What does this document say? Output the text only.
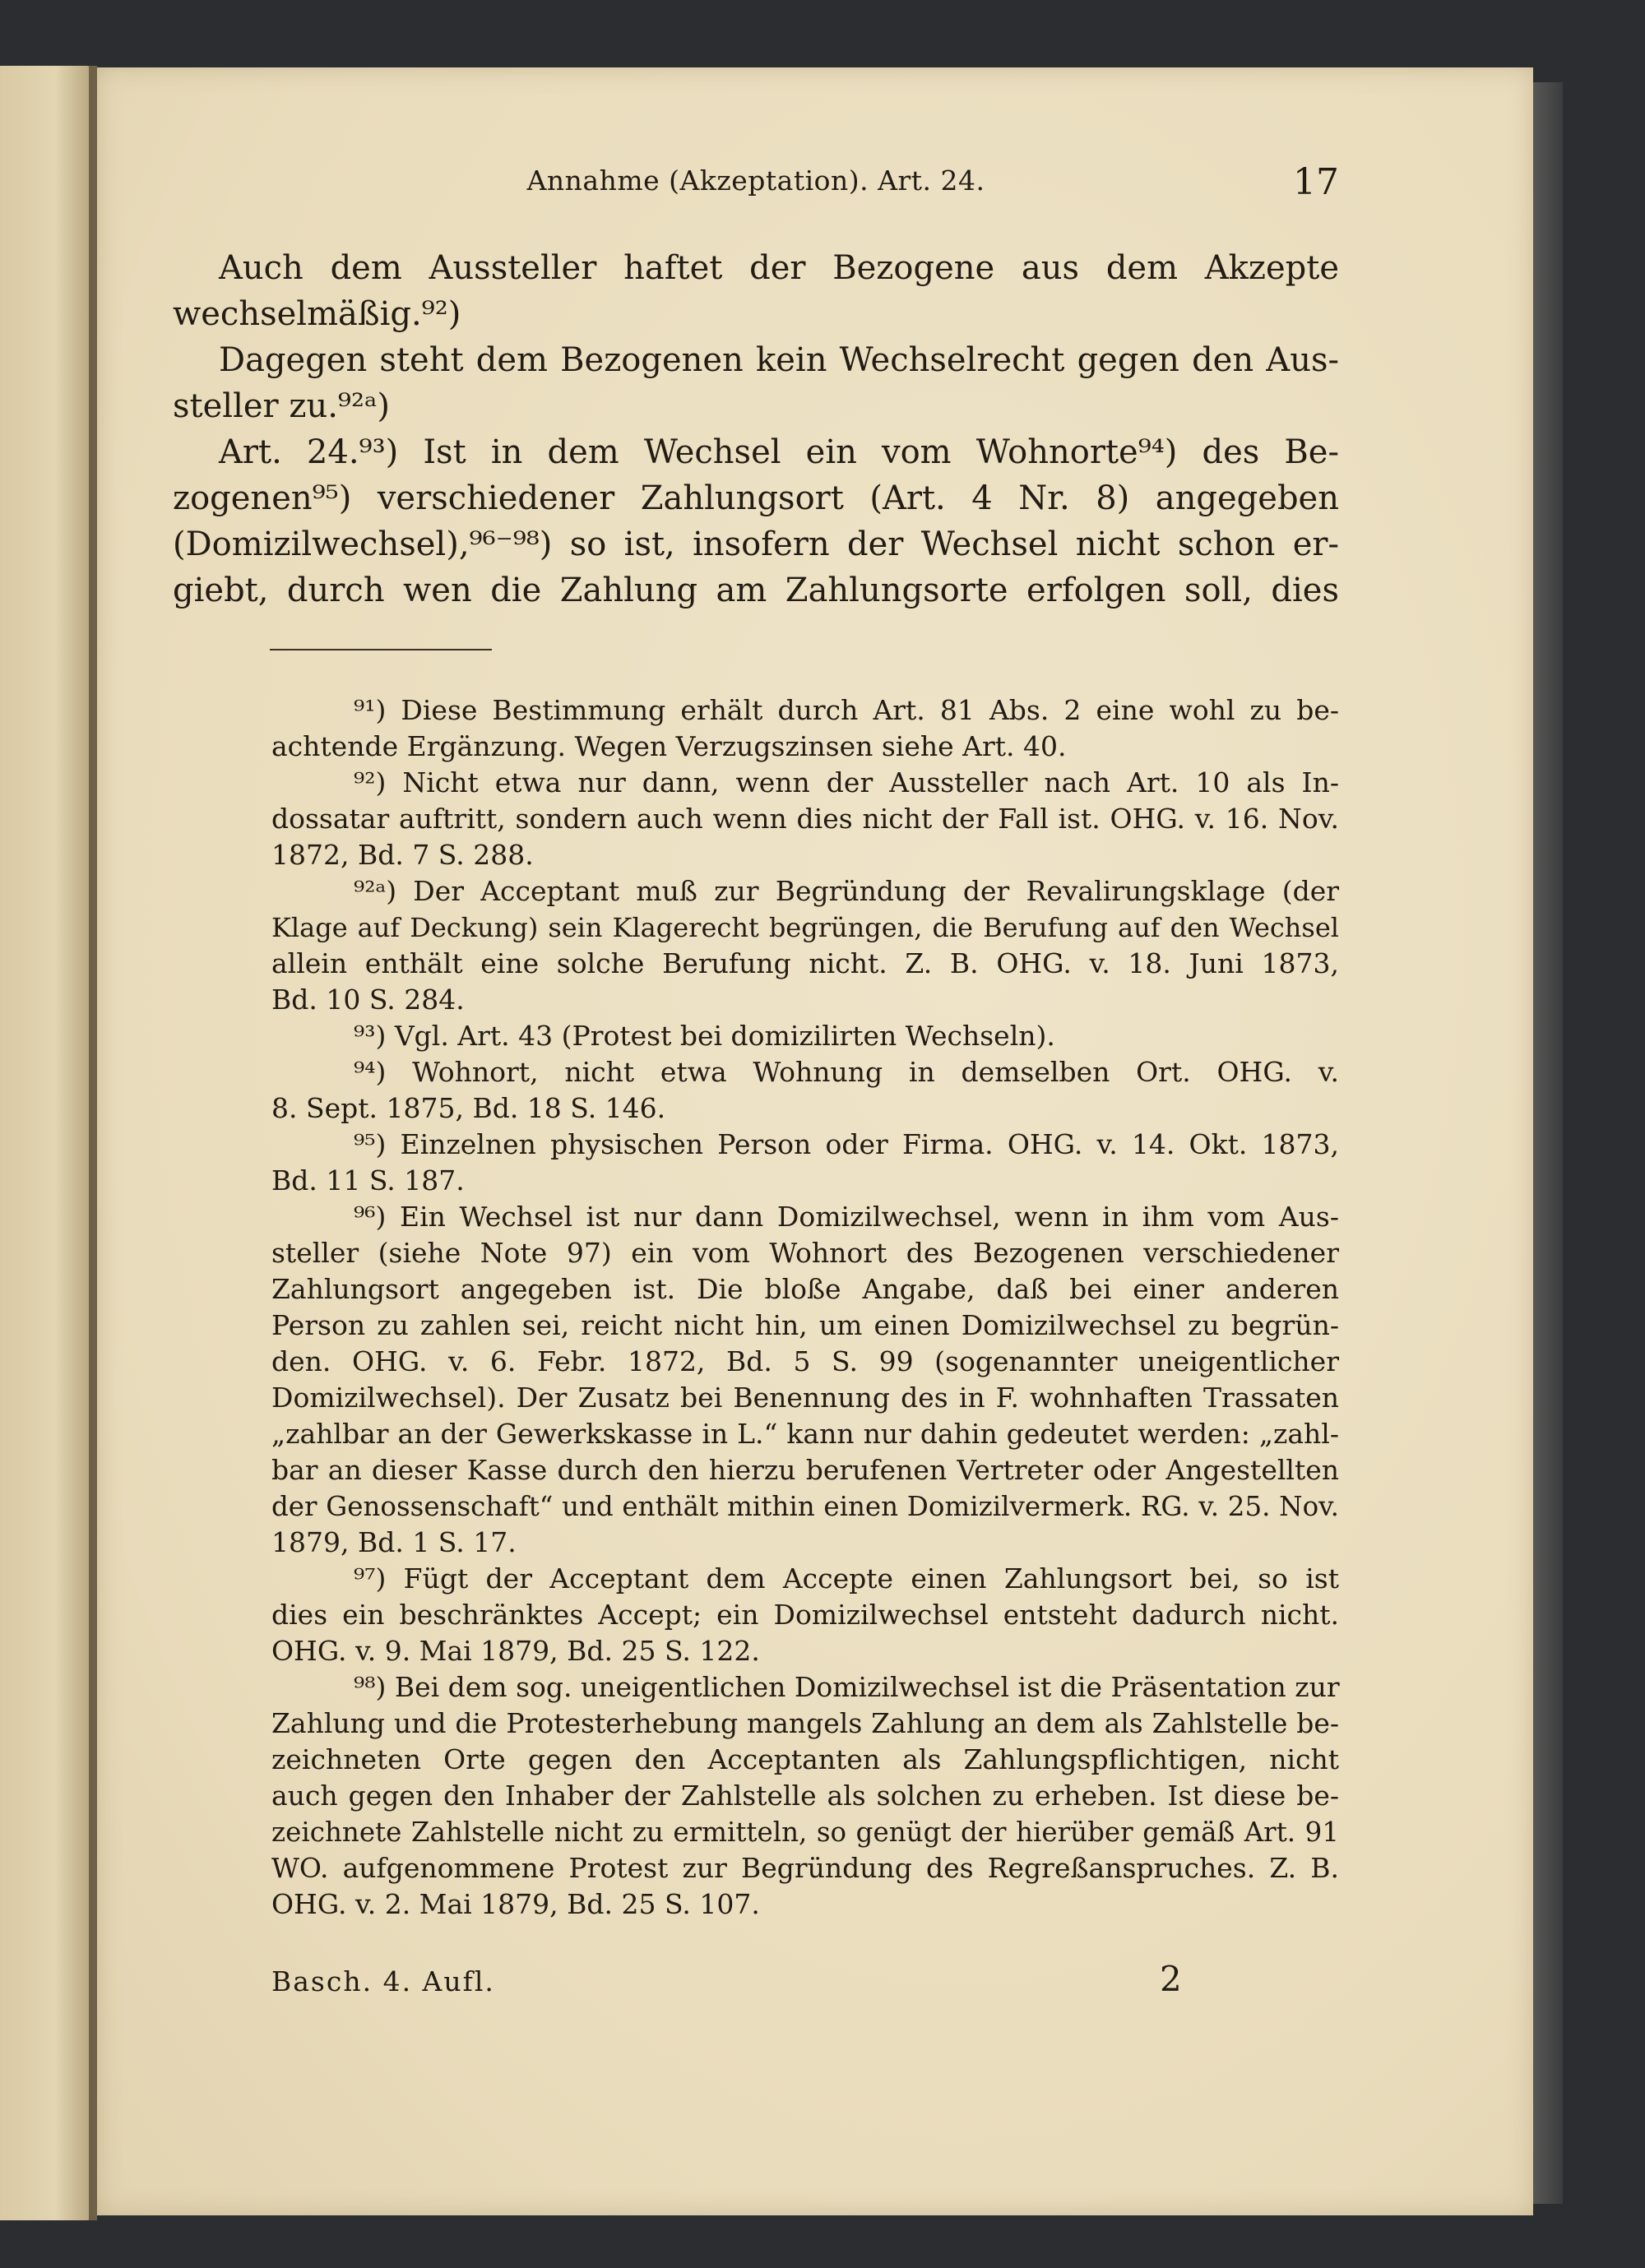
Annahme (Akzeptation). Art. 24.	17
Auch dem Aussteller haftet der Bezogene aus dem Akzepte
wechselmäßig.⁹²)
Dagegen steht dem Bezogenen kein Wechselrecht gegen den Aus-
steller zu.⁹²ᵃ)
Art. 24.⁹³) Ist in dem Wechsel ein vom Wohnorte⁹⁴) des Be-
zogenen⁹⁵) verschiedener Zahlungsort (Art. 4 Nr. 8) angegeben
(Domizilwechsel),⁹⁶⁻⁹⁸) so ist, insofern der Wechsel nicht schon er-
giebt, durch wen die Zahlung am Zahlungsorte erfolgen soll, dies
⁹¹) Diese Bestimmung erhält durch Art. 81 Abs. 2 eine wohl zu be-
achtende Ergänzung. Wegen Verzugszinsen siehe Art. 40.
⁹²) Nicht etwa nur dann, wenn der Aussteller nach Art. 10 als In-
dossatar auftritt, sondern auch wenn dies nicht der Fall ist. OHG. v. 16. Nov.
1872, Bd. 7 S. 288.
⁹²ᵃ) Der Acceptant muß zur Begründung der Revalirungsklage (der
Klage auf Deckung) sein Klagerecht begrüngen, die Berufung auf den Wechsel
allein enthält eine solche Berufung nicht. Z. B. OHG. v. 18. Juni 1873,
Bd. 10 S. 284.
⁹³) Vgl. Art. 43 (Protest bei domizilirten Wechseln).
⁹⁴) Wohnort, nicht etwa Wohnung in demselben Ort. OHG. v.
8. Sept. 1875, Bd. 18 S. 146.
⁹⁵) Einzelnen physischen Person oder Firma. OHG. v. 14. Okt. 1873,
Bd. 11 S. 187.
⁹⁶) Ein Wechsel ist nur dann Domizilwechsel, wenn in ihm vom Aus-
steller (siehe Note 97) ein vom Wohnort des Bezogenen verschiedener
Zahlungsort angegeben ist. Die bloße Angabe, daß bei einer anderen
Person zu zahlen sei, reicht nicht hin, um einen Domizilwechsel zu begrün-
den. OHG. v. 6. Febr. 1872, Bd. 5 S. 99 (sogenannter uneigentlicher
Domizilwechsel). Der Zusatz bei Benennung des in F. wohnhaften Trassaten
„zahlbar an der Gewerkskasse in L.“ kann nur dahin gedeutet werden: „zahl-
bar an dieser Kasse durch den hierzu berufenen Vertreter oder Angestellten
der Genossenschaft“ und enthält mithin einen Domizilvermerk. RG. v. 25. Nov.
1879, Bd. 1 S. 17.
⁹⁷) Fügt der Acceptant dem Accepte einen Zahlungsort bei, so ist
dies ein beschränktes Accept; ein Domizilwechsel entsteht dadurch nicht.
OHG. v. 9. Mai 1879, Bd. 25 S. 122.
⁹⁸) Bei dem sog. uneigentlichen Domizilwechsel ist die Präsentation zur
Zahlung und die Protesterhebung mangels Zahlung an dem als Zahlstelle be-
zeichneten Orte gegen den Acceptanten als Zahlungspflichtigen, nicht
auch gegen den Inhaber der Zahlstelle als solchen zu erheben. Ist diese be-
zeichnete Zahlstelle nicht zu ermitteln, so genügt der hierüber gemäß Art. 91
WO. aufgenommene Protest zur Begründung des Regreßanspruches. Z. B.
OHG. v. 2. Mai 1879, Bd. 25 S. 107.
Basch. 4. Aufl.	2
